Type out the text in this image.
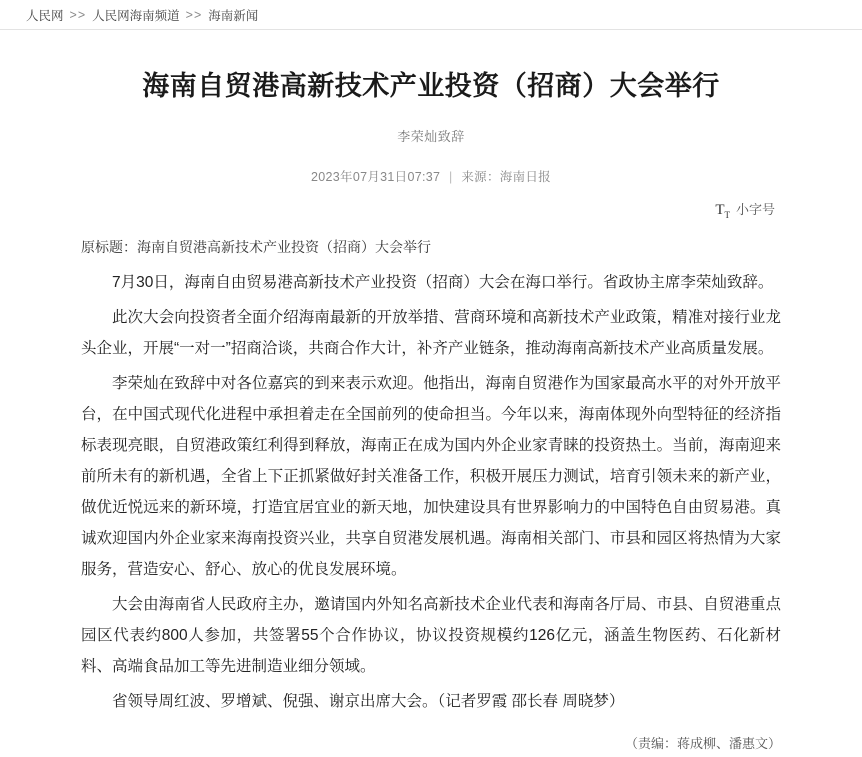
人民网 >> 人民网海南频道 >> 海南新闻
海南自贸港高新技术产业投资（招商）大会举行
李荣灿致辞
2023年07月31日07:37 | 来源：海南日报
$T_T$ 小字号

原标题：海南自贸港高新技术产业投资（招商）大会举行

7月30日，海南自由贸易港高新技术产业投资（招商）大会在海口举行。省政协主席李荣灿致辞。

此次大会向投资者全面介绍海南最新的开放举措、营商环境和高新技术产业政策，精准对接行业龙头企业，开展“一对一”招商洽谈，共商合作大计，补齐产业链条，推动海南高新技术产业高质量发展。

李荣灿在致辞中对各位嘉宾的到来表示欢迎。他指出，海南自贸港作为国家最高水平的对外开放平台，在中国式现代化进程中承担着走在全国前列的使命担当。今年以来，海南体现外向型特征的经济指标表现亮眼，自贸港政策红利得到释放，海南正在成为国内外企业家青睐的投资热土。当前，海南迎来前所未有的新机遇，全省上下正抓紧做好封关准备工作，积极开展压力测试，培育引领未来的新产业，做优近悦远来的新环境，打造宜居宜业的新天地，加快建设具有世界影响力的中国特色自由贸易港。真诚欢迎国内外企业家来海南投资兴业，共享自贸港发展机遇。海南相关部门、市县和园区将热情为大家服务，营造安心、舒心、放心的优良发展环境。

大会由海南省人民政府主办，邀请国内外知名高新技术企业代表和海南各厅局、市县、自贸港重点园区代表约800人参加，共签署55个合作协议，协议投资规模约126亿元，涵盖生物医药、石化新材料、高端食品加工等先进制造业细分领域。

省领导周红波、罗增斌、倪强、谢京出席大会。（记者罗霞 邵长春 周晓梦）

（责编：蒋成柳、潘惠文）
